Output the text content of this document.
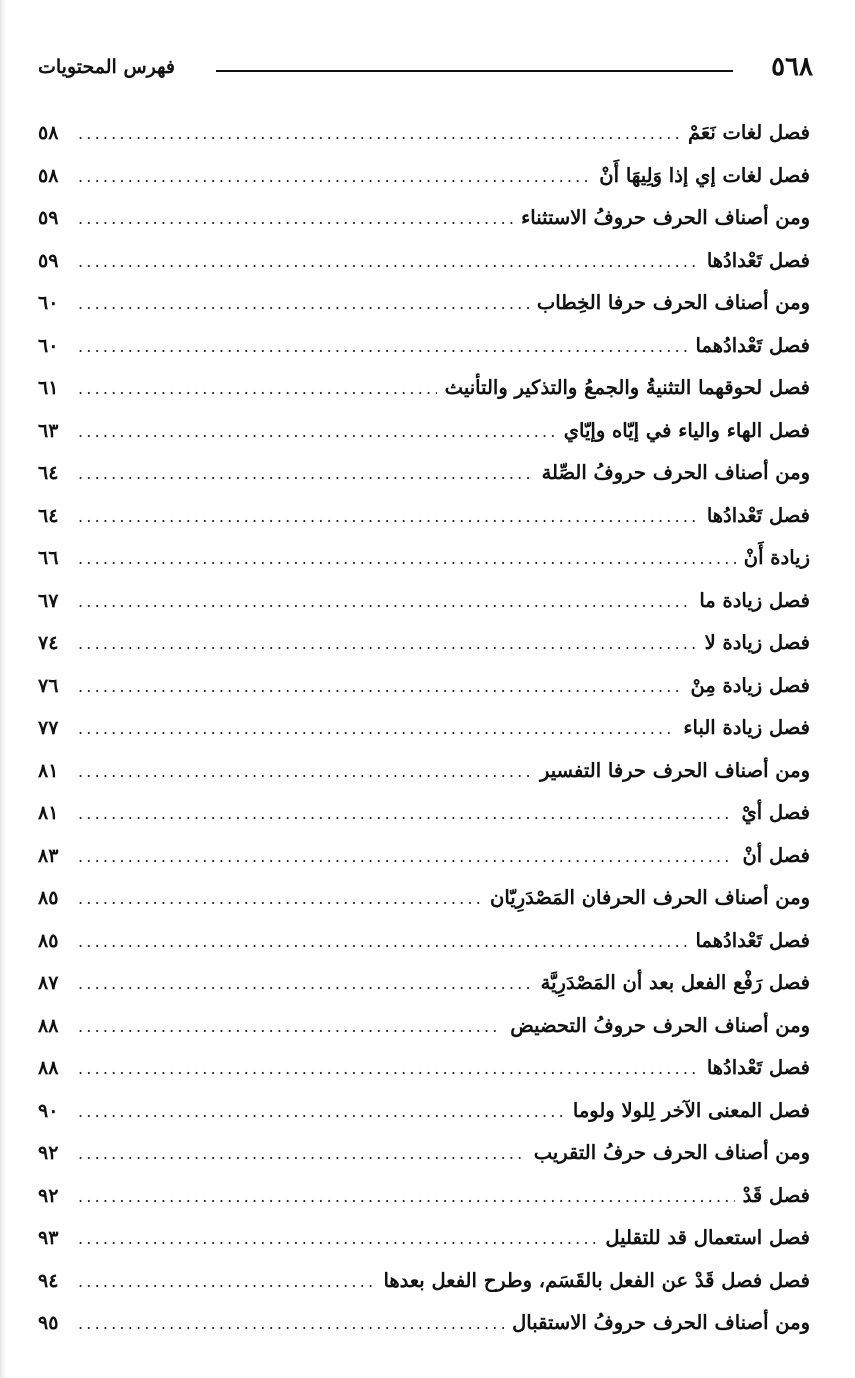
٥٦٨
فهرس المحتويات
فصل لغات نَعَمْ
.....
٥٨
فصل لغات إي إذا وَلِيهَا أَنْ
.....
٥٨
ومن أصناف الحرف حروفُ الاستثناء
.....
٥٩
فصل تَعْدادُها
.....
٥٩
ومن أصناف الحرف حرفا الخِطاب
.....
٦٠
فصل تَعْدادُهما
.....
٦٠
فصل لحوقهما التثنيةُ والجمعُ والتذكير والتأنيث
.....
٦١
فصل الهاء والياء في إيّاه وإيّاي
.....
٦٣
ومن أصناف الحرف حروفُ الصِّلة
.....
٦٤
فصل تَعْدادُها
.....
٦٤
زيادة أَنْ
.....
٦٦
فصل زيادة ما
.....
٦٧
فصل زيادة لا
.....
٧٤
فصل زيادة مِنْ
.....
٧٦
فصل زيادة الباء
.....
٧٧
ومن أصناف الحرف حرفا التفسير
.....
٨١
فصل أيْ
.....
٨١
فصل أنْ
.....
٨٣
ومن أصناف الحرف الحرفان المَصْدَرِيّان
.....
٨٥
فصل تَعْدادُهما
.....
٨٥
فصل رَفْع الفعل بعد أن المَصْدَرِيَّة
.....
٨٧
ومن أصناف الحرف حروفُ التحضيض
.....
٨٨
فصل تَعْدادُها
.....
٨٨
فصل المعنى الآخر لِلولا ولوما
.....
٩٠
ومن أصناف الحرف حرفُ التقريب
.....
٩٢
فصل قَدْ
.....
٩٢
فصل استعمال قد للتقليل
.....
٩٣
فصل فصل قَدْ عن الفعل بالقَسَم، وطرح الفعل بعدها
.....
٩٤
ومن أصناف الحرف حروفُ الاستقبال
.....
٩٥
